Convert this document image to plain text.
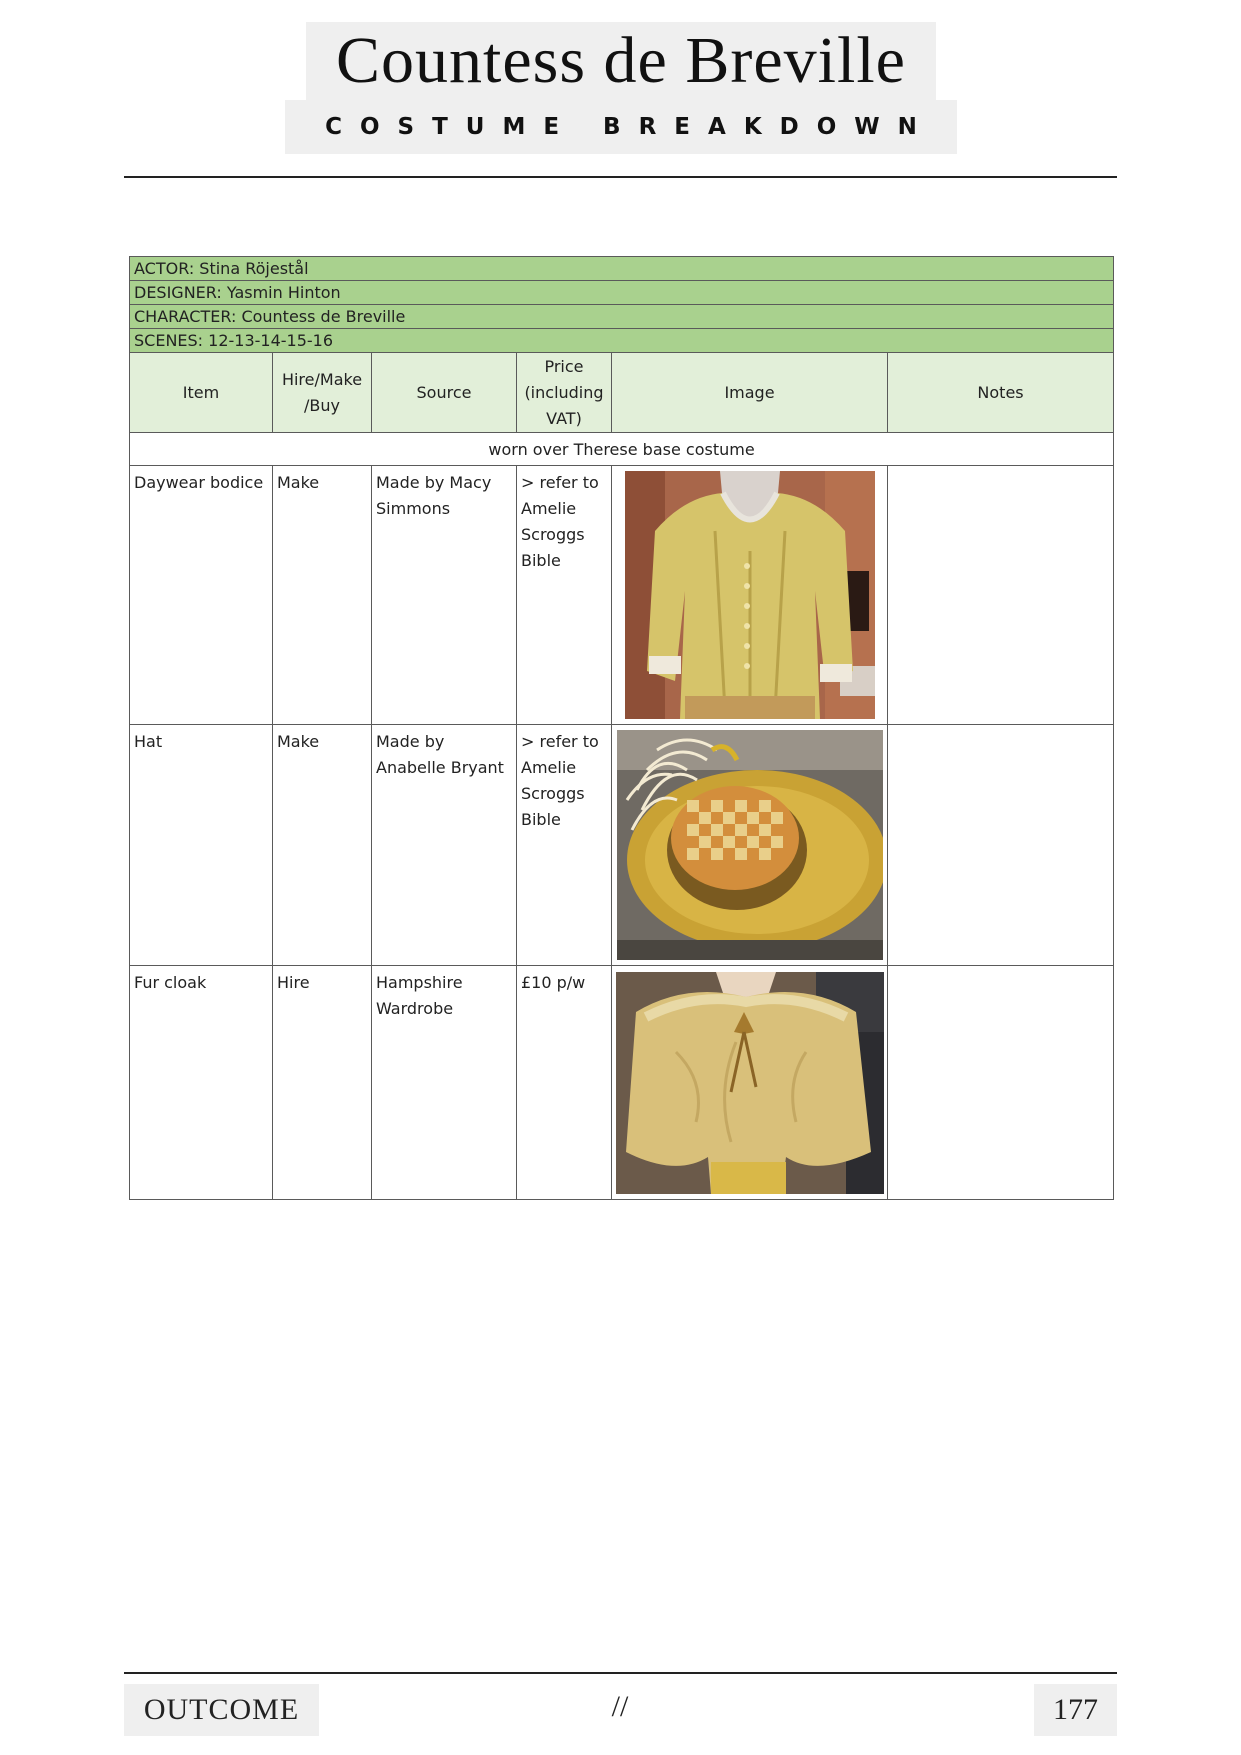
Countess de Breville
COSTUME BREAKDOWN
ACTOR: Stina Röjestål					
DESIGNER: Yasmin Hinton					
CHARACTER: Countess de Breville					
SCENES: 12-13-14-15-16					
Item	Hire/Make /Buy	Source	Price (including VAT)	Image	Notes
worn over Therese base costume					
Daywear bodice	Make	Made by Macy Simmons	> refer to Amelie Scroggs Bible	

Hat	Make	Made by Anabelle Bryant	> refer to Amelie Scroggs Bible	

Fur cloak	Hire	Hampshire Wardrobe	£10 p/w	

OUTCOME	//	177
